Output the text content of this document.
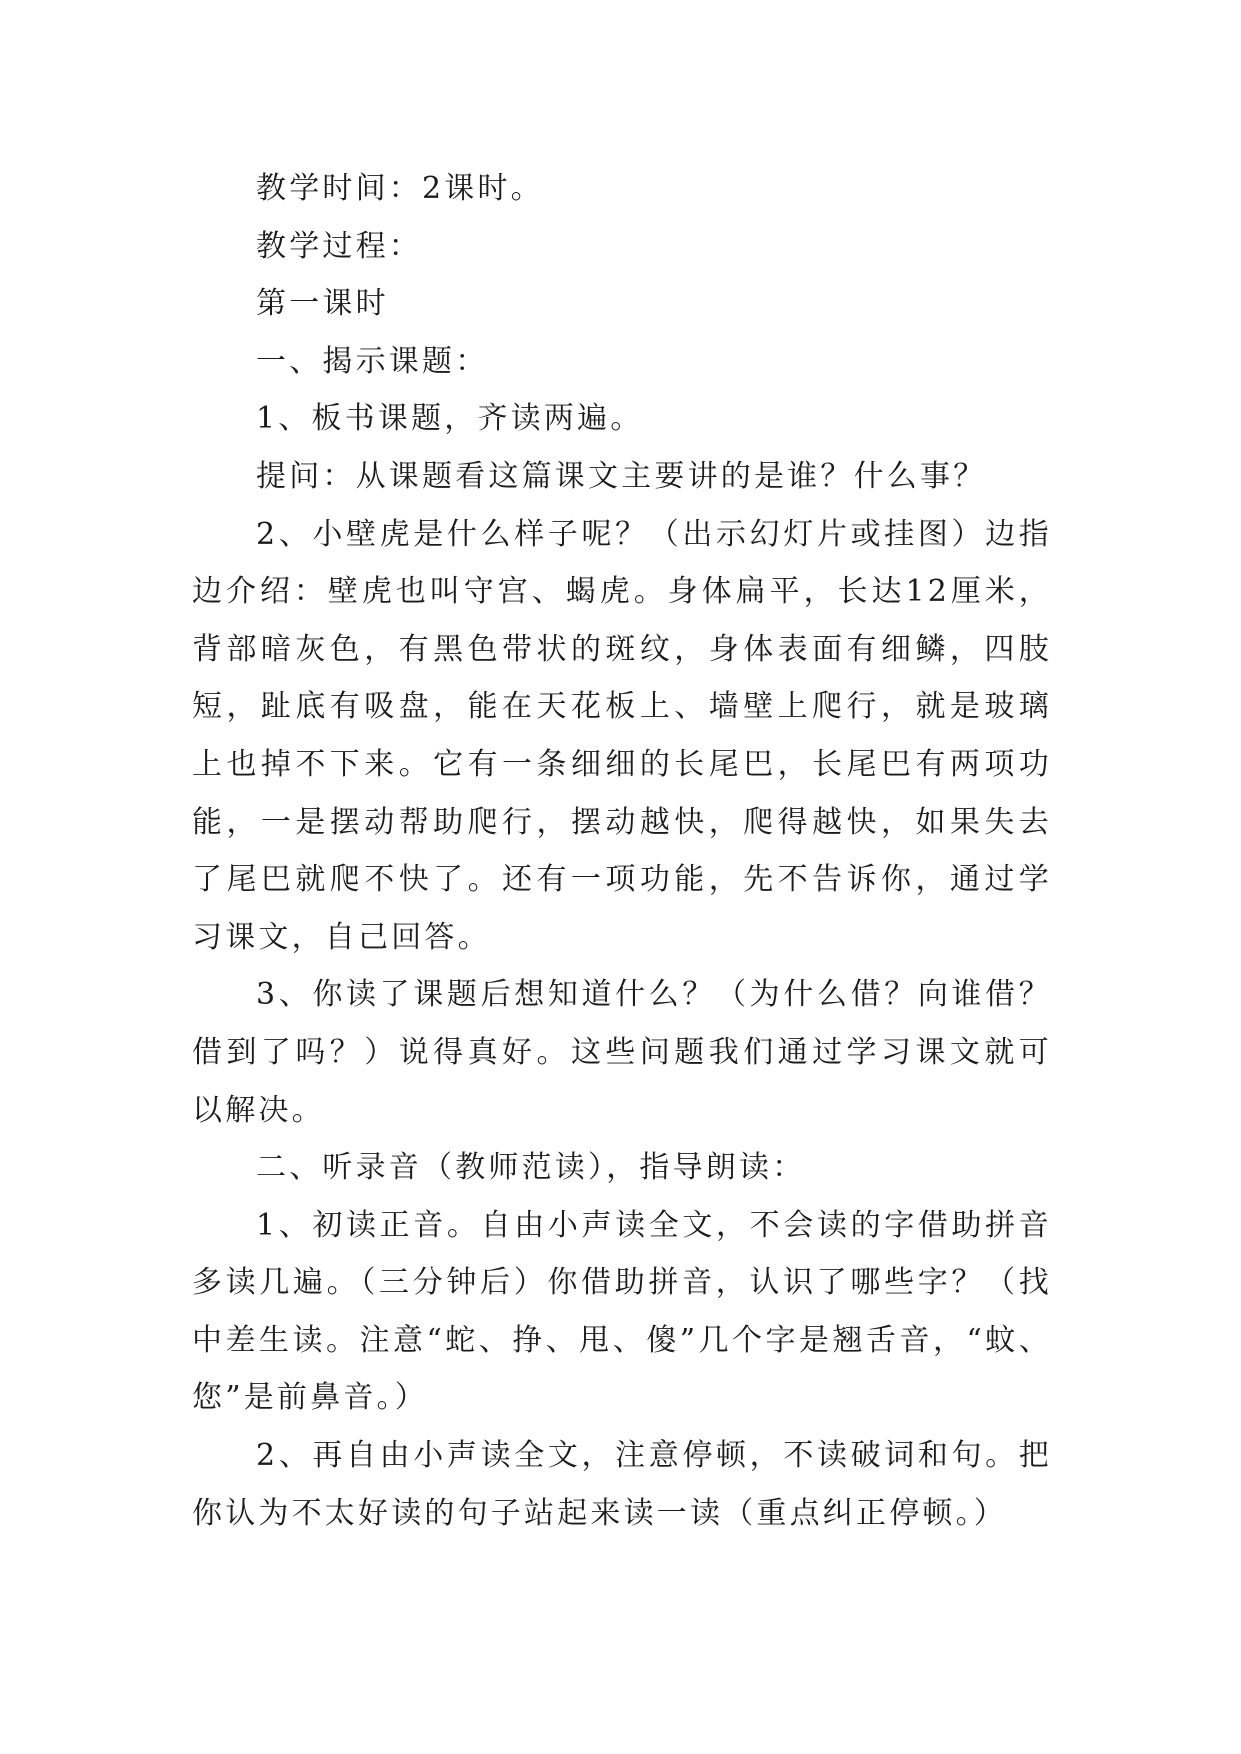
教学时间：2课时。

教学过程：

第一课时

一、揭示课题：

1、板书课题，齐读两遍。

提问：从课题看这篇课文主要讲的是谁？什么事？

2、小壁虎是什么样子呢？（出示幻灯片或挂图）边指边介绍：壁虎也叫守宫、蝎虎。身体扁平，长达12厘米，背部暗灰色，有黑色带状的斑纹，身体表面有细鳞，四肢短，趾底有吸盘，能在天花板上、墙壁上爬行，就是玻璃上也掉不下来。它有一条细细的长尾巴，长尾巴有两项功能，一是摆动帮助爬行，摆动越快，爬得越快，如果失去了尾巴就爬不快了。还有一项功能，先不告诉你，通过学习课文，自己回答。

3、你读了课题后想知道什么？（为什么借？向谁借？借到了吗？）说得真好。这些问题我们通过学习课文就可以解决。

二、听录音（教师范读），指导朗读：

1、初读正音。自由小声读全文，不会读的字借助拼音多读几遍。（三分钟后）你借助拼音，认识了哪些字？（找中差生读。注意“蛇、挣、甩、傻”几个字是翘舌音，“蚊、您”是前鼻音。）

2、再自由小声读全文，注意停顿，不读破词和句。把你认为不太好读的句子站起来读一读（重点纠正停顿。）
